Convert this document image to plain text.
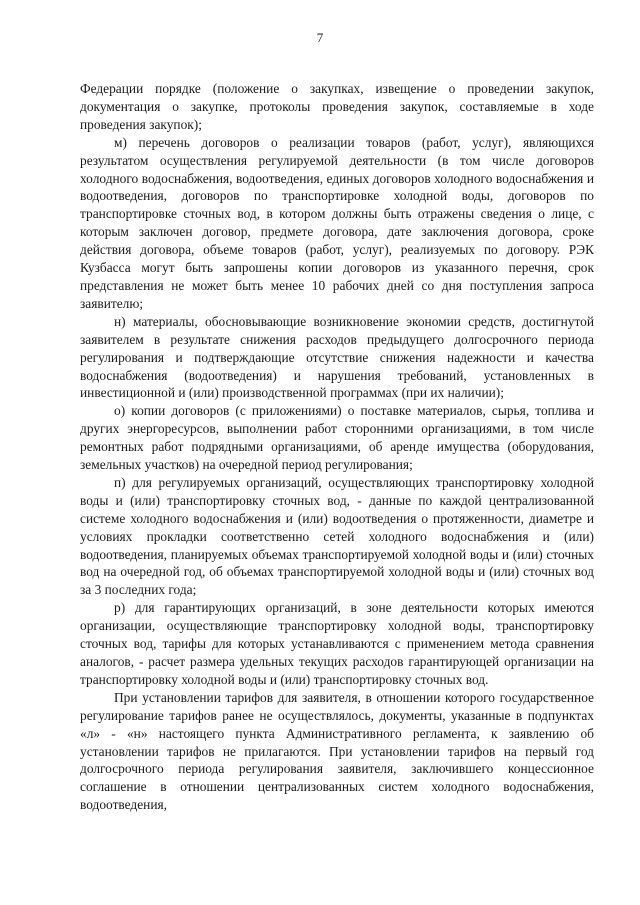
7

Федерации порядке (положение о закупках, извещение о проведении закупок, документация о закупке, протоколы проведения закупок, составляемые в ходе проведения закупок);

м) перечень договоров о реализации товаров (работ, услуг), являющихся результатом осуществления регулируемой деятельности (в том числе договоров холодного водоснабжения, водоотведения, единых договоров холодного водоснабжения и водоотведения, договоров по транспортировке холодной воды, договоров по транспортировке сточных вод, в котором должны быть отражены сведения о лице, с которым заключен договор, предмете договора, дате заключения договора, сроке действия договора, объеме товаров (работ, услуг), реализуемых по договору. РЭК Кузбасса могут быть запрошены копии договоров из указанного перечня, срок представления не может быть менее 10 рабочих дней со дня поступления запроса заявителю;

н) материалы, обосновывающие возникновение экономии средств, достигнутой заявителем в результате снижения расходов предыдущего долгосрочного периода регулирования и подтверждающие отсутствие снижения надежности и качества водоснабжения (водоотведения) и нарушения требований, установленных в инвестиционной и (или) производственной программах (при их наличии);

о) копии договоров (с приложениями) о поставке материалов, сырья, топлива и других энергоресурсов, выполнении работ сторонними организациями, в том числе ремонтных работ подрядными организациями, об аренде имущества (оборудования, земельных участков) на очередной период регулирования;

п) для регулируемых организаций, осуществляющих транспортировку холодной воды и (или) транспортировку сточных вод, - данные по каждой централизованной системе холодного водоснабжения и (или) водоотведения о протяженности, диаметре и условиях прокладки соответственно сетей холодного водоснабжения и (или) водоотведения, планируемых объемах транспортируемой холодной воды и (или) сточных вод на очередной год, об объемах транспортируемой холодной воды и (или) сточных вод за 3 последних года;

р) для гарантирующих организаций, в зоне деятельности которых имеются организации, осуществляющие транспортировку холодной воды, транспортировку сточных вод, тарифы для которых устанавливаются с применением метода сравнения аналогов, - расчет размера удельных текущих расходов гарантирующей организации на транспортировку холодной воды и (или) транспортировку сточных вод.

При установлении тарифов для заявителя, в отношении которого государственное регулирование тарифов ранее не осуществлялось, документы, указанные в подпунктах «л» - «н» настоящего пункта Административного регламента, к заявлению об установлении тарифов не прилагаются. При установлении тарифов на первый год долгосрочного периода регулирования заявителя, заключившего концессионное соглашение в отношении централизованных систем холодного водоснабжения, водоотведения,
